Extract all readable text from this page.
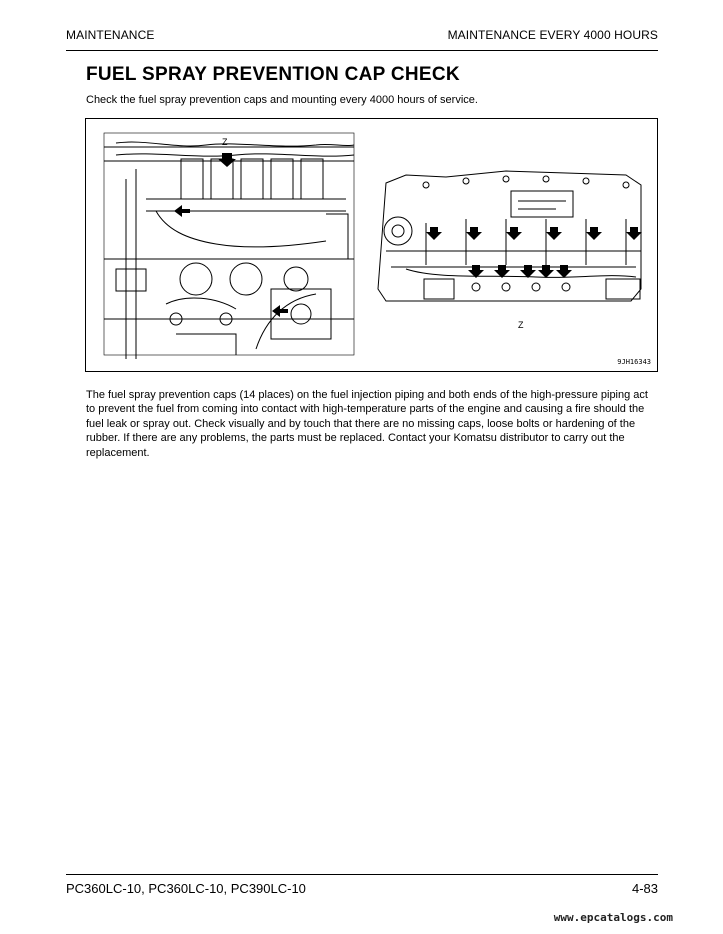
MAINTENANCE	MAINTENANCE EVERY 4000 HOURS
FUEL SPRAY PREVENTION CAP CHECK
Check the fuel spray prevention caps and mounting every 4000 hours of service.
Z
Z
9JH16343
The fuel spray prevention caps (14 places) on the fuel injection piping and both ends of the high-pressure piping act to prevent the fuel from coming into contact with high-temperature parts of the engine and causing a fire should the fuel leak or spray out. Check visually and by touch that there are no missing caps, loose bolts or hardening of the rubber. If there are any problems, the parts must be replaced. Contact your Komatsu distributor to carry out the replacement.
PC360LC-10, PC360LC-10, PC390LC-10	4-83
www.epcatalogs.com
